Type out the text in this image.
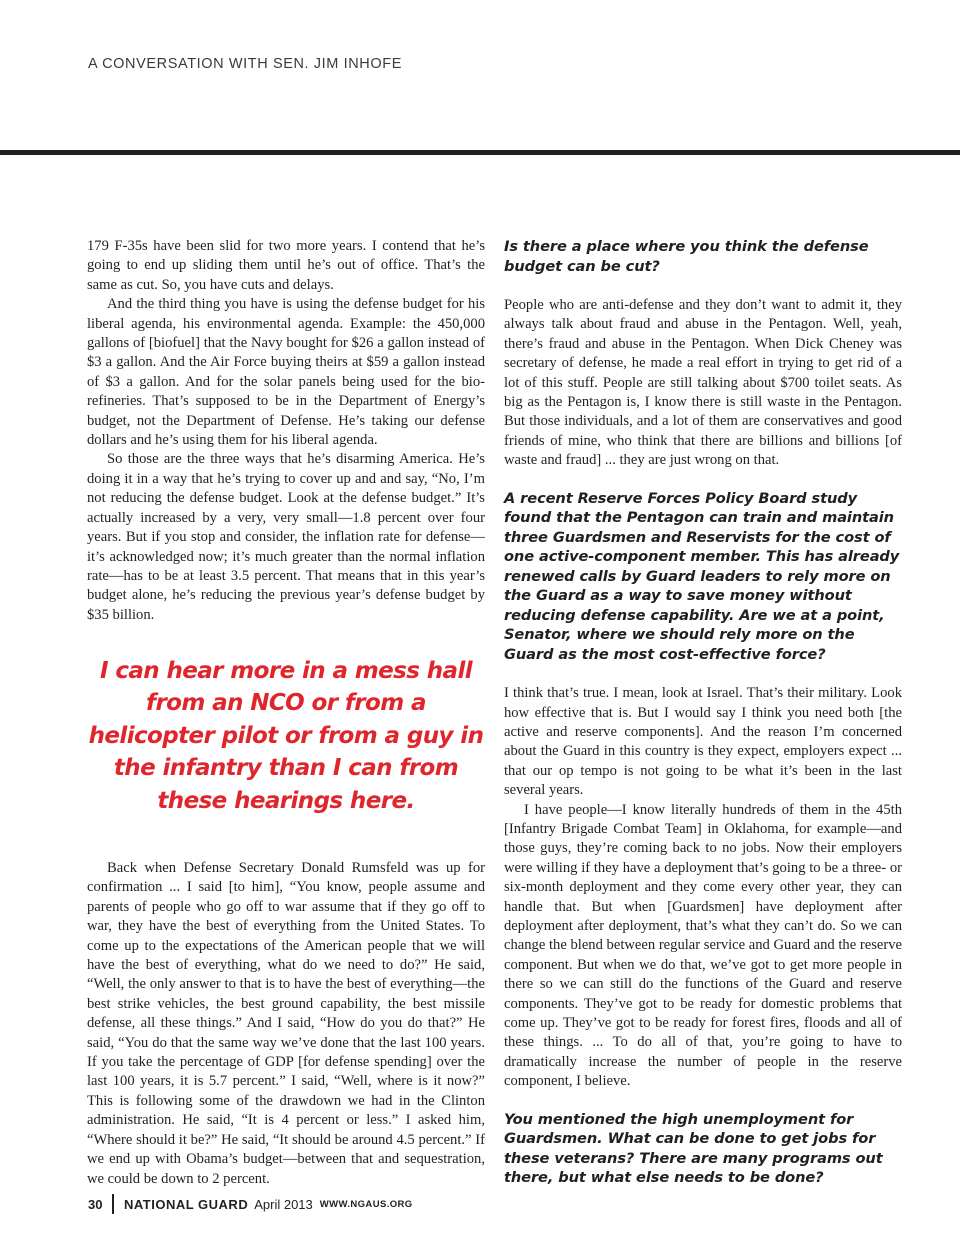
A CONVERSATION WITH SEN. JIM INHOFE

179 F-35s have been slid for two more years. I contend that he’s going to end up sliding them until he’s out of office. That’s the same as cut. So, you have cuts and delays.

And the third thing you have is using the defense budget for his liberal agenda, his environmental agenda. Example: the 450,000 gallons of [biofuel] that the Navy bought for $26 a gallon instead of $3 a gallon. And the Air Force buying theirs at $59 a gallon instead of $3 a gallon. And for the solar panels being used for the bio-refineries. That’s supposed to be in the Department of Energy’s budget, not the Department of Defense. He’s taking our defense dollars and he’s using them for his liberal agenda.

So those are the three ways that he’s disarming America. He’s doing it in a way that he’s trying to cover up and and say, “No, I’m not reducing the defense budget. Look at the defense budget.” It’s actually increased by a very, very small—1.8 percent over four years. But if you stop and consider, the inflation rate for defense—it’s acknowledged now; it’s much greater than the normal inflation rate—has to be at least 3.5 percent. That means that in this year’s budget alone, he’s reducing the previous year’s defense budget by $35 billion.

I can hear more in a mess hall from an NCO or from a helicopter pilot or from a guy in the infantry than I can from these hearings here.

Back when Defense Secretary Donald Rumsfeld was up for confirmation ... I said [to him], “You know, people assume and parents of people who go off to war assume that if they go off to war, they have the best of everything from the United States. To come up to the expectations of the American people that we will have the best of everything, what do we need to do?” He said, “Well, the only answer to that is to have the best of everything—the best strike vehicles, the best ground capability, the best missile defense, all these things.” And I said, “How do you do that?” He said, “You do that the same way we’ve done that the last 100 years. If you take the percentage of GDP [for defense spending] over the last 100 years, it is 5.7 percent.” I said, “Well, where is it now?” This is following some of the drawdown we had in the Clinton administration. He said, “It is 4 percent or less.” I asked him, “Where should it be?” He said, “It should be around 4.5 percent.” If we end up with Obama’s budget—between that and sequestration, we could be down to 2 percent.

Is there a place where you think the defense budget can be cut?

People who are anti-defense and they don’t want to admit it, they always talk about fraud and abuse in the Pentagon. Well, yeah, there’s fraud and abuse in the Pentagon. When Dick Cheney was secretary of defense, he made a real effort in trying to get rid of a lot of this stuff. People are still talking about $700 toilet seats. As big as the Pentagon is, I know there is still waste in the Pentagon. But those individuals, and a lot of them are conservatives and good friends of mine, who think that there are billions and billions [of waste and fraud] ... they are just wrong on that.

A recent Reserve Forces Policy Board study found that the Pentagon can train and maintain three Guardsmen and Reservists for the cost of one active-component member. This has already renewed calls by Guard leaders to rely more on the Guard as a way to save money without reducing defense capability. Are we at a point, Senator, where we should rely more on the Guard as the most cost-effective force?

I think that’s true. I mean, look at Israel. That’s their military. Look how effective that is. But I would say I think you need both [the active and reserve components]. And the reason I’m concerned about the Guard in this country is they expect, employers expect ... that our op tempo is not going to be what it’s been in the last several years.

I have people—I know literally hundreds of them in the 45th [Infantry Brigade Combat Team] in Oklahoma, for example—and those guys, they’re coming back to no jobs. Now their employers were willing if they have a deployment that’s going to be a three- or six-month deployment and they come every other year, they can handle that. But when [Guardsmen] have deployment after deployment after deployment, that’s what they can’t do. So we can change the blend between regular service and Guard and the reserve component. But when we do that, we’ve got to get more people in there so we can still do the functions of the Guard and reserve components. They’ve got to be ready for domestic problems that come up. They’ve got to be ready for forest fires, floods and all of these things. ... To do all of that, you’re going to have to dramatically increase the number of people in the reserve component, I believe.

You mentioned the high unemployment for Guardsmen. What can be done to get jobs for these veterans? There are many programs out there, but what else needs to be done?
30 NATIONAL GUARD April 2013 WWW.NGAUS.ORG
